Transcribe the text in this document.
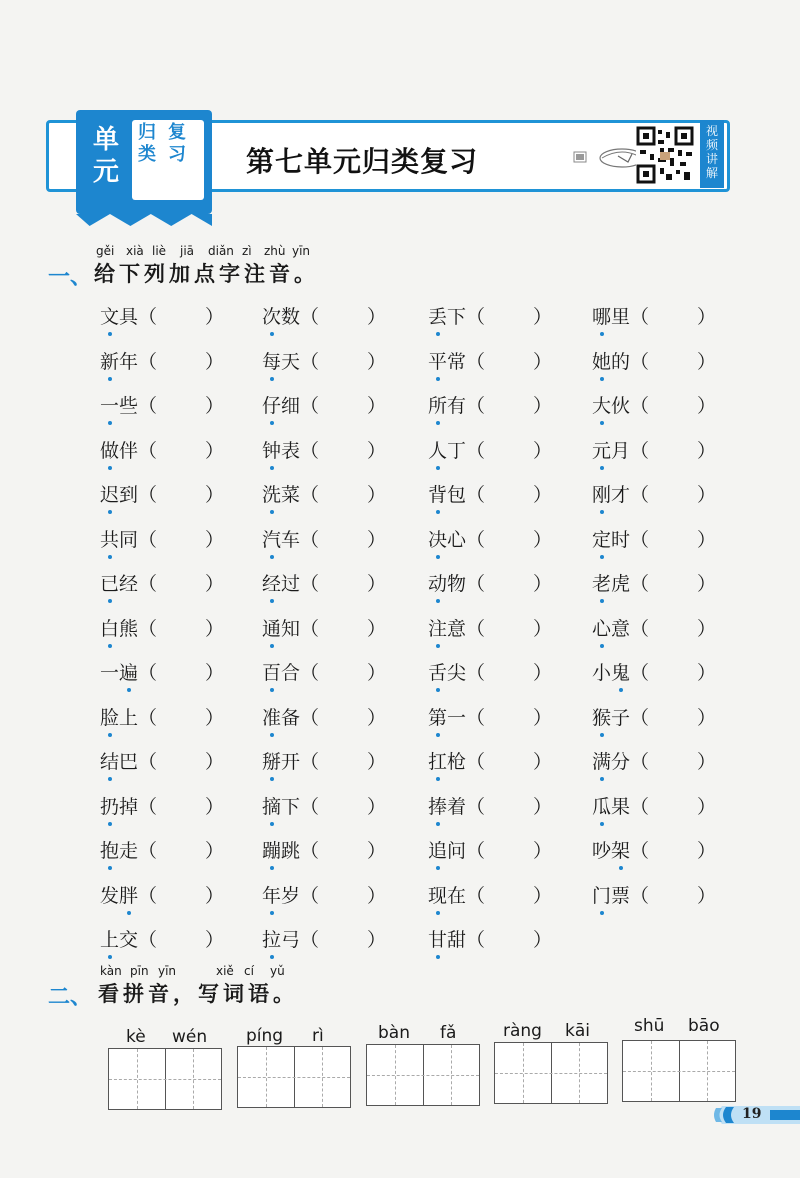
单
元
归类
复习 第七单元归类复习
视频讲解
一、
gěi xià liè jiā diǎn zì zhù yīn
给下列加点字注音。
文具（	） 次数（	） 丢下（	） 哪里（	）
新年（	） 每天（	） 平常（	） 她的（	）
一些（	） 仔细（	） 所有（	） 大伙（	）
做伴（	） 钟表（	） 人丁（	） 元月（	）
迟到（	） 洗菜（	） 背包（	） 刚才（	）
共同（	） 汽车（	） 决心（	） 定时（	）
已经（	） 经过（	） 动物（	） 老虎（	）
白熊（	） 通知（	） 注意（	） 心意（	）
一遍（	） 百合（	） 舌尖（	） 小鬼（	）
脸上（	） 准备（	） 第一（	） 猴子（	）
结巴（	） 掰开（	） 扛枪（	） 满分（	）
扔掉（	） 摘下（	） 捧着（	） 瓜果（	）
抱走（	） 蹦跳（	） 追问（	） 吵架（	）
发胖（	） 年岁（	） 现在（	） 门票（	）
上交（	） 拉弓（	） 甘甜（	）
二、
kàn pīn yīn	xiě cí yǔ
看拼音，写词语。
kè wén píng rì	bàn fǎ	ràng kāi	shū bāo
19
